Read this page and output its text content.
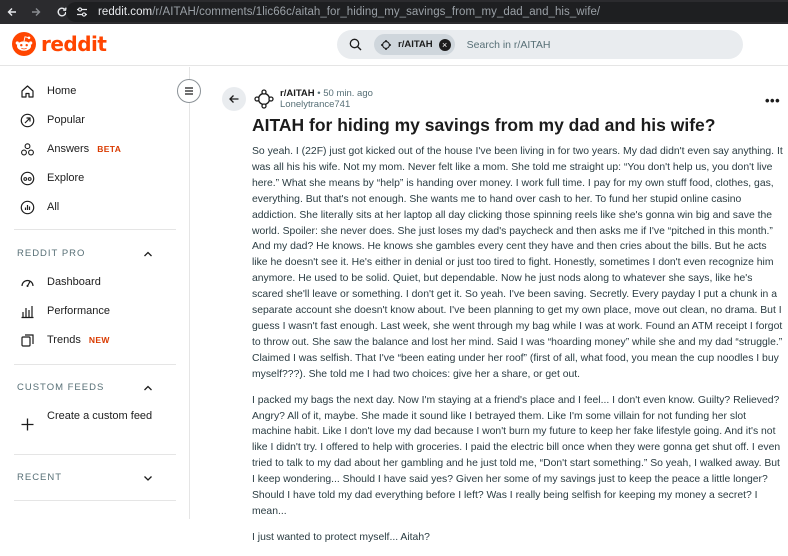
reddit.com/r/AITAH/comments/1lic66c/aitah_for_hiding_my_savings_from_my_dad_and_his_wife/
reddit	r/AITAH	×	Search in r/AITAH
Home
Popular
Answers BETA
Explore
All
REDDIT PRO
Dashboard
Performance
Trends NEW
CUSTOM FEEDS
Create a custom feed
RECENT
r/AITAH • 50 min. ago
Lonelytrance741	•••
AITAH for hiding my savings from my dad and his wife?

So yeah. I (22F) just got kicked out of the house I've been living in for two years. My dad didn't even say anything. It was all his his wife. Not my mom. Never felt like a mom. She told me straight up: “You don't help us, you don't live here.” What she means by “help” is handing over money. I work full time. I pay for my own stuff food, clothes, gas, everything. But that's not enough. She wants me to hand over cash to her. To fund her stupid online casino addiction. She literally sits at her laptop all day clicking those spinning reels like she's gonna win big and save the world. Spoiler: she never does. She just loses my dad's paycheck and then asks me if I've “pitched in this month.” And my dad? He knows. He knows she gambles every cent they have and then cries about the bills. But he acts like he doesn't see it. He's either in denial or just too tired to fight. Honestly, sometimes I don't even recognize him anymore. He used to be solid. Quiet, but dependable. Now he just nods along to whatever she says, like he's scared she'll leave or something. I don't get it. So yeah. I've been saving. Secretly. Every payday I put a chunk in a separate account she doesn't know about. I've been planning to get my own place, move out clean, no drama. But I guess I wasn't fast enough. Last week, she went through my bag while I was at work. Found an ATM receipt I forgot to throw out. She saw the balance and lost her mind. Said I was “hoarding money” while she and my dad “struggle.” Claimed I was selfish. That I've “been eating under her roof” (first of all, what food, you mean the cup noodles I buy myself???). She told me I had two choices: give her a share, or get out.

I packed my bags the next day. Now I'm staying at a friend's place and I feel... I don't even know. Guilty? Relieved? Angry? All of it, maybe. She made it sound like I betrayed them. Like I'm some villain for not funding her slot machine habit. Like I don't love my dad because I won't burn my future to keep her fake lifestyle going. And it's not like I didn't try. I offered to help with groceries. I paid the electric bill once when they were gonna get shut off. I even tried to talk to my dad about her gambling and he just told me, “Don't start something.” So yeah, I walked away. But I keep wondering... Should I have said yes? Given her some of my savings just to keep the peace a little longer? Should I have told my dad everything before I left? Was I really being selfish for keeping my money a secret? I mean...

I just wanted to protect myself... Aitah?
